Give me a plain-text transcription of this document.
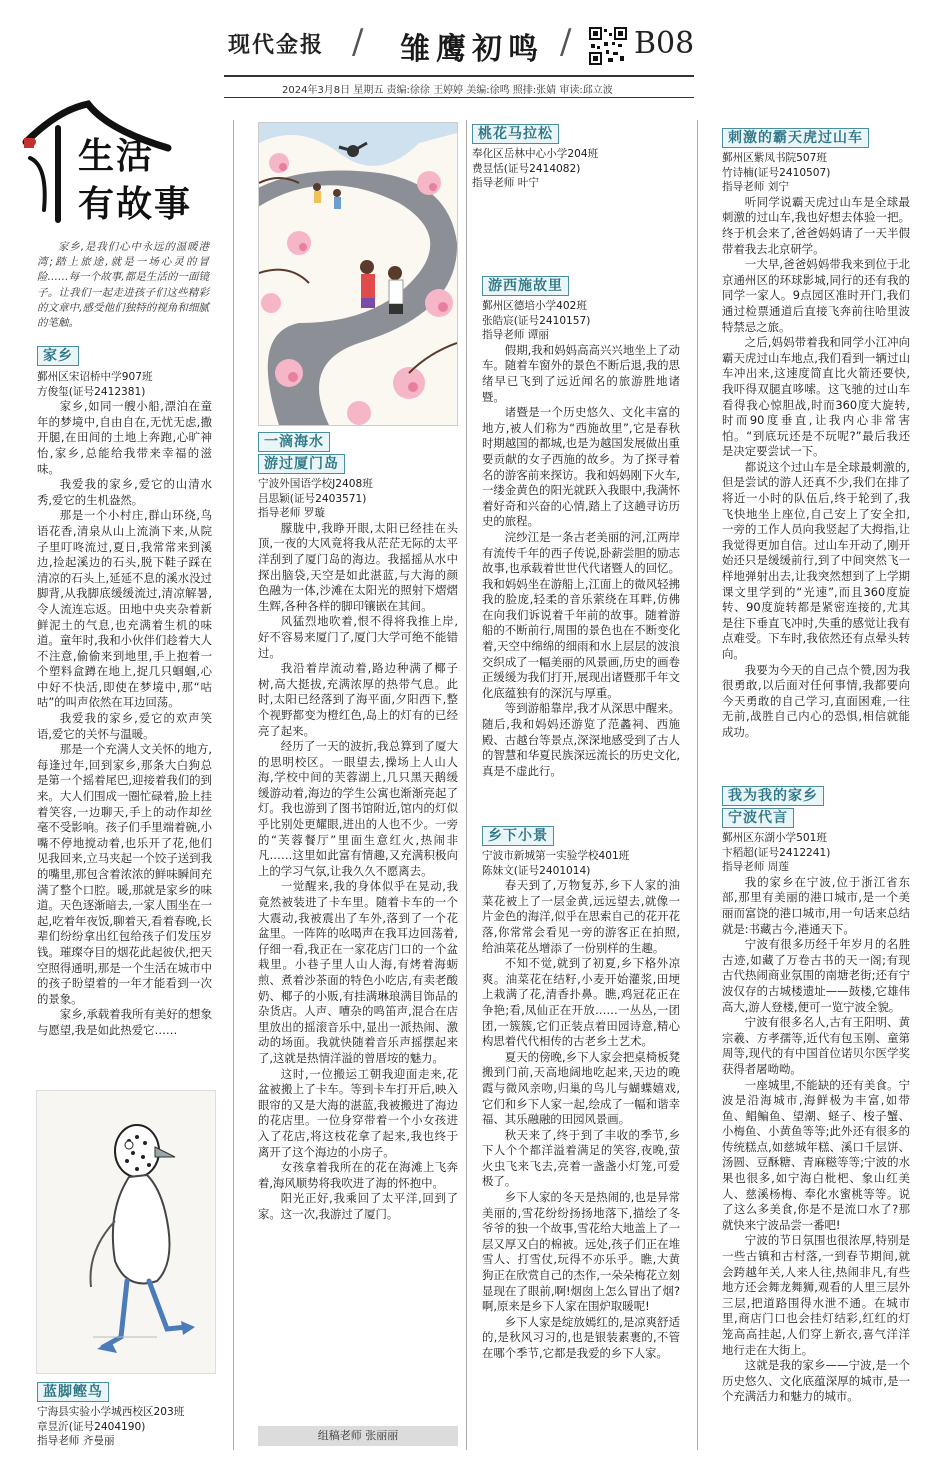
现代金报 / 雏鹰初鸣 / B08
2024年3月8日 星期五 责编:徐徐 王婷婷 美编:徐鸣 照排:张婧 审读:邱立波
生活
有故事

家乡,是我们心中永远的温暖港湾;踏上旅途,就是一场心灵的冒险……每一个故事,都是生活的一面镜子。让我们一起走进孩子们这些精彩的文章中,感受他们独特的视角和细腻的笔触。

家乡

鄞州区宋诏桥中学907班

方俊玺(证号2412381)

家乡,如同一艘小船,漂泊在童年的梦境中,自由自在,无忧无虑,撒开腿,在田间的土地上奔跑,心旷神怡,家乡,总能给我带来幸福的滋味。

我爱我的家乡,爱它的山清水秀,爱它的生机盎然。

那是一个小村庄,群山环绕,鸟语花香,清泉从山上流淌下来,从院子里叮咚流过,夏日,我常常来到溪边,捡起溪边的石头,脱下鞋子踩在清凉的石头上,延延不息的溪水没过脚背,从我脚底缓缓流过,清凉解暑,令人流连忘返。田地中央夹杂着新鲜泥土的气息,也充满着生机的味道。童年时,我和小伙伴们趁着大人不注意,偷偷来到地里,手上抱着一个塑料盒蹲在地上,捉几只蝈蝈,心中好不快活,即使在梦境中,那“咕咕”的叫声依然在耳边回荡。

我爱我的家乡,爱它的欢声笑语,爱它的关怀与温暖。

那是一个充满人文关怀的地方,每逢过年,回到家乡,那条大白狗总是第一个摇着尾巴,迎接着我们的到来。大人们围成一圈忙碌着,脸上挂着笑容,一边聊天,手上的动作却丝毫不受影响。孩子们手里端着碗,小嘴不停地搅动着,也乐开了花,他们见我回来,立马夹起一个饺子送到我的嘴里,那包含着浓浓的鲜味瞬间充满了整个口腔。暖,那就是家乡的味道。天色逐渐暗去,一家人围坐在一起,吃着年夜饭,聊着天,看着春晚,长辈们纷纷拿出红包给孩子们发压岁钱。璀璨夺目的烟花此起彼伏,把天空照得通明,那是一个生活在城市中的孩子盼望着的一年才能看到一次的景象。

家乡,承载着我所有美好的想象与愿望,我是如此热爱它……

蓝脚鲣鸟

宁海县实验小学城西校区203班

章昱沂(证号2404190)

指导老师 齐曼丽

一滴海水
游过厦门岛

宁波外国语学校J2408班

吕思颖(证号2403571)

指导老师 罗璇

朦胧中,我睁开眼,太阳已经挂在头顶,一夜的大风竟将我从茫茫无际的太平洋刮到了厦门岛的海边。我摇摇从水中探出脑袋,天空是如此湛蓝,与大海的颜色融为一体,沙滩在太阳光的照射下熠熠生辉,各种各样的脚印镶嵌在其间。

风猛烈地吹着,恨不得将我推上岸,好不容易来厦门了,厦门大学可绝不能错过。

我沿着岸流动着,路边种满了椰子树,高大挺拔,充满浓厚的热带气息。此时,太阳已经落到了海平面,夕阳西下,整个视野都变为橙红色,岛上的灯有的已经亮了起来。

经历了一天的波折,我总算到了厦大的思明校区。一眼望去,操场上人山人海,学校中间的芙蓉湖上,几只黑天鹅缓缓游动着,海边的学生公寓也渐渐亮起了灯。我也游到了图书馆附近,馆内的灯似乎比别处更耀眼,进出的人也不少。一旁的“芙蓉餐厅”里面生意红火,热闹非凡……这里如此富有情趣,又充满积极向上的学习气氛,让我久久不愿离去。

一觉醒来,我的身体似乎在晃动,我竟然被装进了卡车里。随着卡车的一个大震动,我被震出了车外,落到了一个花盆里。一阵阵的吆喝声在我耳边回荡着,仔细一看,我正在一家花店门口的一个盆栽里。小巷子里人山人海,有烤着海蛎煎、煮着沙茶面的特色小吃店,有卖老酸奶、椰子的小贩,有挂满琳琅满目饰品的杂货店。人声、嘈杂的鸣笛声,混合在店里放出的摇滚音乐中,显出一派热闹、激动的场面。我就快随着音乐声摇摆起来了,这就是热情洋溢的曾厝垵的魅力。

这时,一位搬运工朝我迎面走来,花盆被搬上了卡车。等到卡车打开后,映入眼帘的又是大海的湛蓝,我被搬进了海边的花店里。一位身穿带着一个小女孩进入了花店,将这枝花拿了起来,我也终于离开了这个海边的小房子。

女孩拿着我所在的花在海滩上飞奔着,海风顺势将我吹进了海的怀抱中。

阳光正好,我乘回了太平洋,回到了家。这一次,我游过了厦门。

组稿老师 张丽丽
桃花马拉松

奉化区岳林中心小学204班

费昱恬(证号2414082)

指导老师 叶宁

游西施故里

鄞州区德培小学402班

张皓宸(证号2410157)

指导老师 谭丽

假期,我和妈妈高高兴兴地坐上了动车。随着车窗外的景色不断后退,我的思绪早已飞到了远近闻名的旅游胜地诸暨。

诸暨是一个历史悠久、文化丰富的地方,被人们称为“西施故里”,它是春秋时期越国的都城,也是为越国发展做出重要贡献的女子西施的故乡。为了探寻着名的游客前来探访。我和妈妈刚下火车,一缕金黄色的阳光就跃入我眼中,我满怀着好奇和兴奋的心情,踏上了这趟寻访历史的旅程。

浣纱江是一条古老美丽的河,江两岸有流传千年的西子传说,卧薪尝胆的励志故事,也承载着世世代代诸暨人的回忆。我和妈妈坐在游船上,江面上的微风轻拂我的脸庞,轻柔的音乐萦绕在耳畔,仿佛在向我们诉说着千年前的故事。随着游船的不断前行,周围的景色也在不断变化着,天空中绵绵的细雨和水上层层的波浪交织成了一幅美丽的风景画,历史的画卷正缓缓为我们打开,展现出诸暨那千年文化底蕴独有的深沉与厚重。

等到游船靠岸,我才从深思中醒来。随后,我和妈妈还游览了范蠡祠、西施殿、古越台等景点,深深地感受到了古人的智慧和华夏民族深远流长的历史文化,真是不虚此行。

乡下小景

宁波市新城第一实验学校401班

陈妹文(证号2401014)

春天到了,万物复苏,乡下人家的油菜花被上了一层金黄,远远望去,就像一片金色的海洋,似乎在思索自己的花开花落,你常常会看见一旁的游客正在拍照,给油菜花丛增添了一份别样的生趣。

不知不觉,就到了初夏,乡下格外凉爽。油菜花在结籽,小麦开始灌浆,田埂上栽满了花,清香扑鼻。瞧,鸡冠花正在争艳;看,凤仙正在开放……一丛丛,一团团,一簇簇,它们正装点着田园诗意,精心构思着代代相传的古老乡土艺术。

夏天的傍晚,乡下人家会把桌椅板凳搬到门前,天高地阔地吃起来,天边的晚霞与微风亲吻,归巢的鸟儿与蝴蝶嬉戏,它们和乡下人家一起,绘成了一幅和谐幸福、其乐融融的田园风景画。

秋天来了,终于到了丰收的季节,乡下人个个都洋溢着满足的笑容,夜晚,萤火虫飞来飞去,亮着一盏盏小灯笼,可爱极了。

乡下人家的冬天是热闹的,也是异常美丽的,雪花纷纷扬扬地落下,描绘了冬爷爷的独一个故事,雪花给大地盖上了一层又厚又白的棉被。远处,孩子们正在堆雪人、打雪仗,玩得不亦乐乎。瞧,大黄狗正在欣赏自己的杰作,一朵朵梅花立刻显现在了眼前,啊!烟囱上怎么冒出了烟?啊,原来是乡下人家在围炉取暖呢!

乡下人家是绽放嫣红的,是凉爽舒适的,是秋风习习的,也是银装素裹的,不管在哪个季节,它都是我爱的乡下人家。

刺激的霸天虎过山车

鄞州区紫凤书院507班

竹诗楠(证号2410507)

指导老师 刘宁

听同学说霸天虎过山车是全球最刺激的过山车,我也好想去体验一把。终于机会来了,爸爸妈妈请了一天半假带着我去北京研学。

一大早,爸爸妈妈带我来到位于北京通州区的环球影城,同行的还有我的同学一家人。9点园区准时开门,我们通过检票通道后直接飞奔前往哈里波特禁忌之旅。

之后,妈妈带着我和同学小江冲向霸天虎过山车地点,我们看到一辆过山车冲出来,这速度简直比火箭还要快,我吓得双腿直哆嗦。这飞驰的过山车看得我心惊胆战,时而360度大旋转,时而90度垂直,让我内心非常害怕。“到底玩还是不玩呢?”最后我还是决定要尝试一下。

都说这个过山车是全球最刺激的,但是尝试的游人还真不少,我们在排了将近一小时的队伍后,终于轮到了,我飞快地坐上座位,自己安上了安全扣,一旁的工作人员向我竖起了大拇指,让我觉得更加自信。过山车开动了,刚开始还只是缓缓前行,到了中间突然飞一样地弹射出去,让我突然想到了上学期课文里学到的“光速”,而且360度旋转、90度旋转都是紧密连接的,尤其是往下垂直飞冲时,失重的感觉让我有点难受。下车时,我依然还有点晕头转向。

我要为今天的自己点个赞,因为我很勇敢,以后面对任何事情,我都要向今天勇敢的自己学习,直面困难,一往无前,战胜自己内心的恐惧,相信就能成功。

我为我的家乡
宁波代言

鄞州区东湖小学501班

卞稻超(证号2412241)

指导老师 周莲

我的家乡在宁波,位于浙江省东部,那里有美丽的港口城市,是一个美丽而富饶的港口城市,用一句话来总结就是:书藏古今,港通天下。

宁波有很多历经千年岁月的名胜古迹,如藏了万卷古书的天一阁;有现古代热闹商业氛围的南塘老街;还有宁波仅存的古城楼遗址——鼓楼,它雄伟高大,游人登楼,便可一览宁波全貌。

宁波有很多名人,古有王阳明、黄宗羲、方孝孺等,近代有包玉刚、童第周等,现代的有中国首位诺贝尔医学奖获得者屠呦呦。

一座城里,不能缺的还有美食。宁波是沿海城市,海鲜极为丰富,如带鱼、鲳鳊鱼、望潮、蛏子、梭子蟹、小梅鱼、小黄鱼等等;此外还有很多的传统糕点,如慈城年糕、溪口千层饼、汤圆、豆酥糖、青麻糍等等;宁波的水果也很多,如宁海白枇杷、象山红美人、慈溪杨梅、奉化水蜜桃等等。说了这么多美食,你是不是流口水了?那就快来宁波品尝一番吧!

宁波的节日氛围也很浓厚,特别是一些古镇和古村落,一到春节期间,就会跨越年关,人来人往,热闹非凡,有些地方还会舞龙舞狮,观看的人里三层外三层,把道路围得水泄不通。在城市里,商店门口也会挂灯结彩,红红的灯笼高高挂起,人们穿上新衣,喜气洋洋地行走在大街上。

这就是我的家乡——宁波,是一个历史悠久、文化底蕴深厚的城市,是一个充满活力和魅力的城市。
